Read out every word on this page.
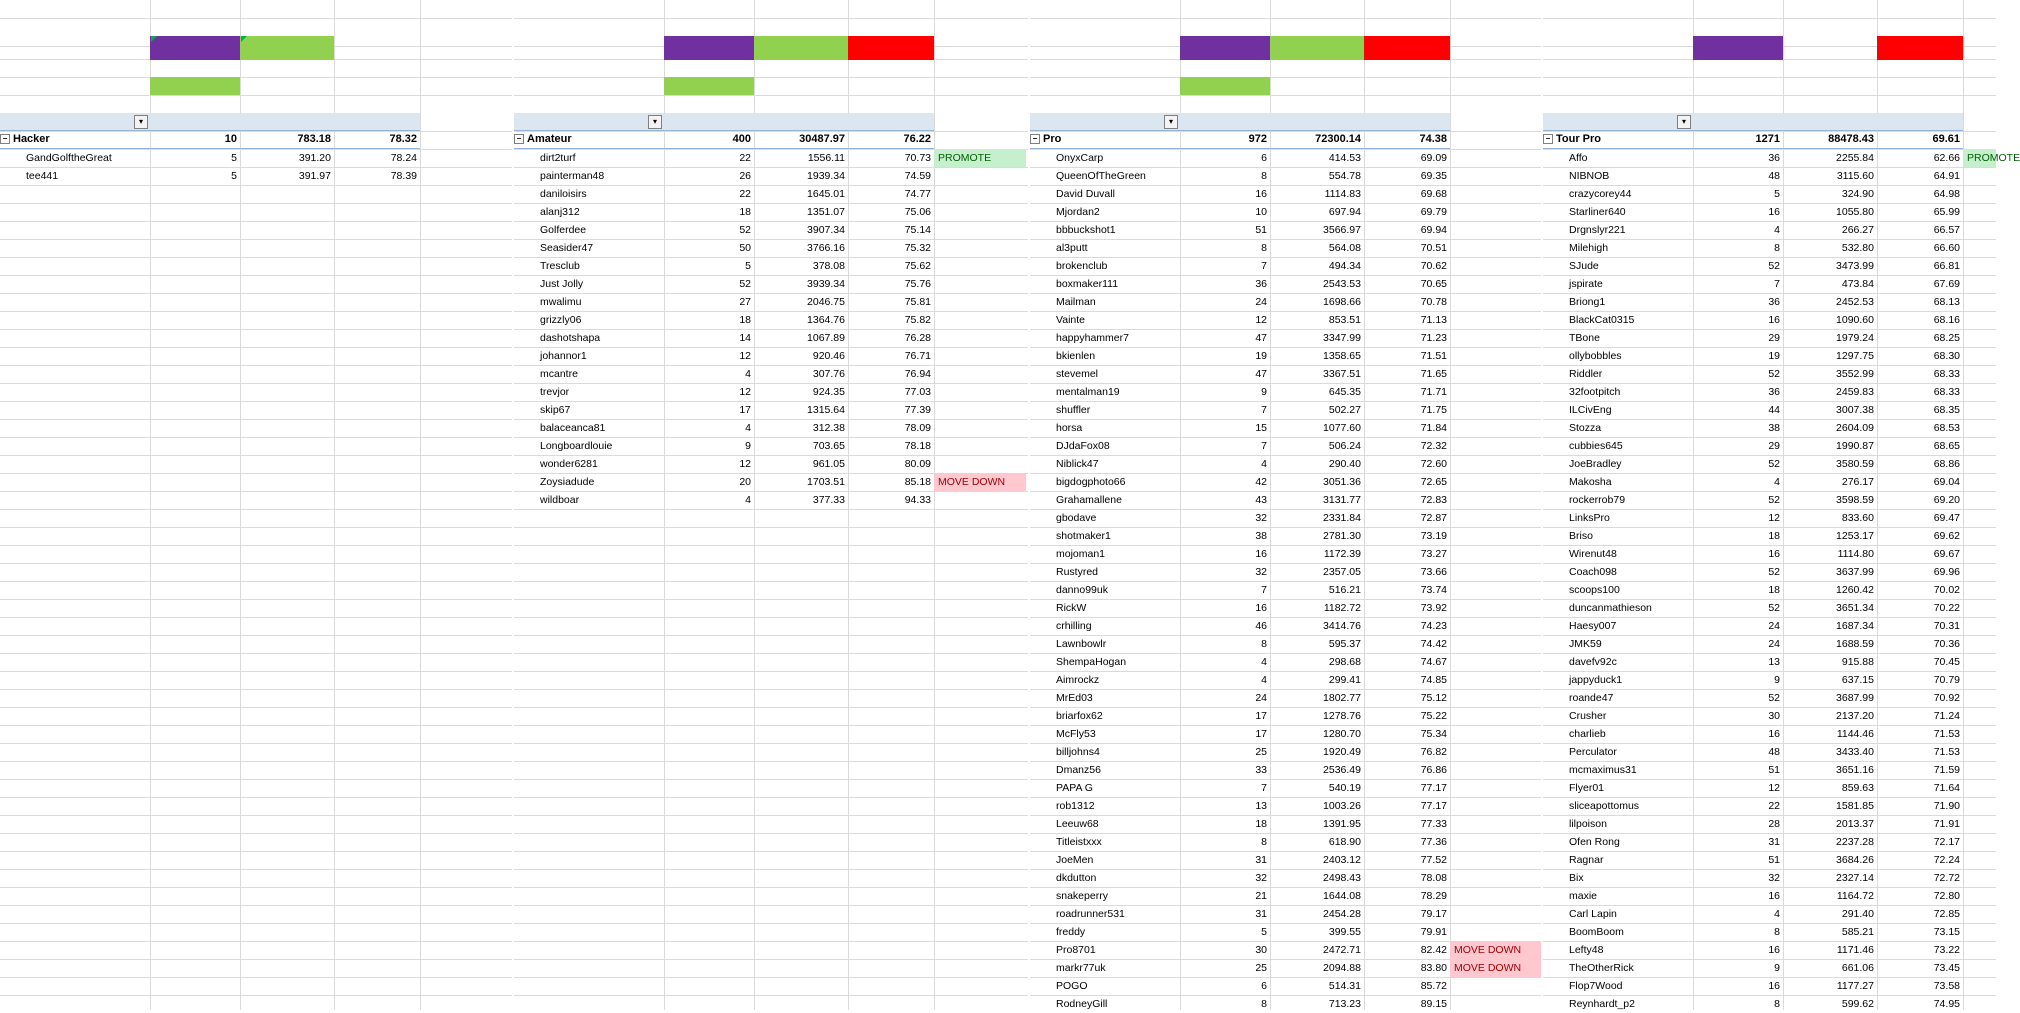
▾
− Hacker	10	783.18	78.32
GandGolftheGreat	5	391.20	78.24
tee441	5	391.97	78.39
▾
− Amateur	400	30487.97	76.22
dirt2turf	22	1556.11	70.73 PROMOTE
painterman48	26	1939.34	74.59
daniloisirs	22	1645.01	74.77
alanj312	18	1351.07	75.06
Golferdee	52	3907.34	75.14
Seasider47	50	3766.16	75.32
Tresclub	5	378.08	75.62
Just Jolly	52	3939.34	75.76
mwalimu	27	2046.75	75.81
grizzly06	18	1364.76	75.82
dashotshapa	14	1067.89	76.28
johannor1	12	920.46	76.71
mcantre	4	307.76	76.94
trevjor	12	924.35	77.03
skip67	17	1315.64	77.39
balaceanca81	4	312.38	78.09
Longboardlouie	9	703.65	78.18
wonder6281	12	961.05	80.09
Zoysiadude	20	1703.51	85.18 MOVE DOWN
wildboar	4	377.33	94.33
▾
− Pro	972	72300.14	74.38
OnyxCarp	6	414.53	69.09
QueenOfTheGreen	8	554.78	69.35
David Duvall	16	1114.83	69.68
Mjordan2	10	697.94	69.79
bbbuckshot1	51	3566.97	69.94
al3putt	8	564.08	70.51
brokenclub	7	494.34	70.62
boxmaker111	36	2543.53	70.65
Mailman	24	1698.66	70.78
Vainte	12	853.51	71.13
happyhammer7	47	3347.99	71.23
bkienlen	19	1358.65	71.51
stevemel	47	3367.51	71.65
mentalman19	9	645.35	71.71
shuffler	7	502.27	71.75
horsa	15	1077.60	71.84
DJdaFox08	7	506.24	72.32
Niblick47	4	290.40	72.60
bigdogphoto66	42	3051.36	72.65
Grahamallene	43	3131.77	72.83
gbodave	32	2331.84	72.87
shotmaker1	38	2781.30	73.19
mojoman1	16	1172.39	73.27
Rustyred	32	2357.05	73.66
danno99uk	7	516.21	73.74
RickW	16	1182.72	73.92
crhilling	46	3414.76	74.23
Lawnbowlr	8	595.37	74.42
ShempaHogan	4	298.68	74.67
Aimrockz	4	299.41	74.85
MrEd03	24	1802.77	75.12
briarfox62	17	1278.76	75.22
McFly53	17	1280.70	75.34
billjohns4	25	1920.49	76.82
Dmanz56	33	2536.49	76.86
PAPA G	7	540.19	77.17
rob1312	13	1003.26	77.17
Leeuw68	18	1391.95	77.33
Titleistxxx	8	618.90	77.36
JoeMen	31	2403.12	77.52
dkdutton	32	2498.43	78.08
snakeperry	21	1644.08	78.29
roadrunner531	31	2454.28	79.17
freddy	5	399.55	79.91
Pro8701	30	2472.71	82.42 MOVE DOWN
markr77uk	25	2094.88	83.80 MOVE DOWN
POGO	6	514.31	85.72
RodneyGill	8	713.23	89.15
▾
− Tour Pro	1271	88478.43	69.61
Affo	36	2255.84	62.66 PROMOTE
NIBNOB	48	3115.60	64.91
crazycorey44	5	324.90	64.98
Starliner640	16	1055.80	65.99
Drgnslyr221	4	266.27	66.57
Milehigh	8	532.80	66.60
SJude	52	3473.99	66.81
jspirate	7	473.84	67.69
Briong1	36	2452.53	68.13
BlackCat0315	16	1090.60	68.16
TBone	29	1979.24	68.25
ollybobbles	19	1297.75	68.30
Riddler	52	3552.99	68.33
32footpitch	36	2459.83	68.33
ILCivEng	44	3007.38	68.35
Stozza	38	2604.09	68.53
cubbies645	29	1990.87	68.65
JoeBradley	52	3580.59	68.86
Makosha	4	276.17	69.04
rockerrob79	52	3598.59	69.20
LinksPro	12	833.60	69.47
Briso	18	1253.17	69.62
Wirenut48	16	1114.80	69.67
Coach098	52	3637.99	69.96
scoops100	18	1260.42	70.02
duncanmathieson	52	3651.34	70.22
Haesy007	24	1687.34	70.31
JMK59	24	1688.59	70.36
davefv92c	13	915.88	70.45
jappyduck1	9	637.15	70.79
roande47	52	3687.99	70.92
Crusher	30	2137.20	71.24
charlieb	16	1144.46	71.53
Perculator	48	3433.40	71.53
mcmaximus31	51	3651.16	71.59
Flyer01	12	859.63	71.64
sliceapottomus	22	1581.85	71.90
lilpoison	28	2013.37	71.91
Ofen Rong	31	2237.28	72.17
Ragnar	51	3684.26	72.24
Bix	32	2327.14	72.72
maxie	16	1164.72	72.80
Carl Lapin	4	291.40	72.85
BoomBoom	8	585.21	73.15
Lefty48	16	1171.46	73.22
TheOtherRick	9	661.06	73.45
Flop7Wood	16	1177.27	73.58
Reynhardt_p2	8	599.62	74.95
